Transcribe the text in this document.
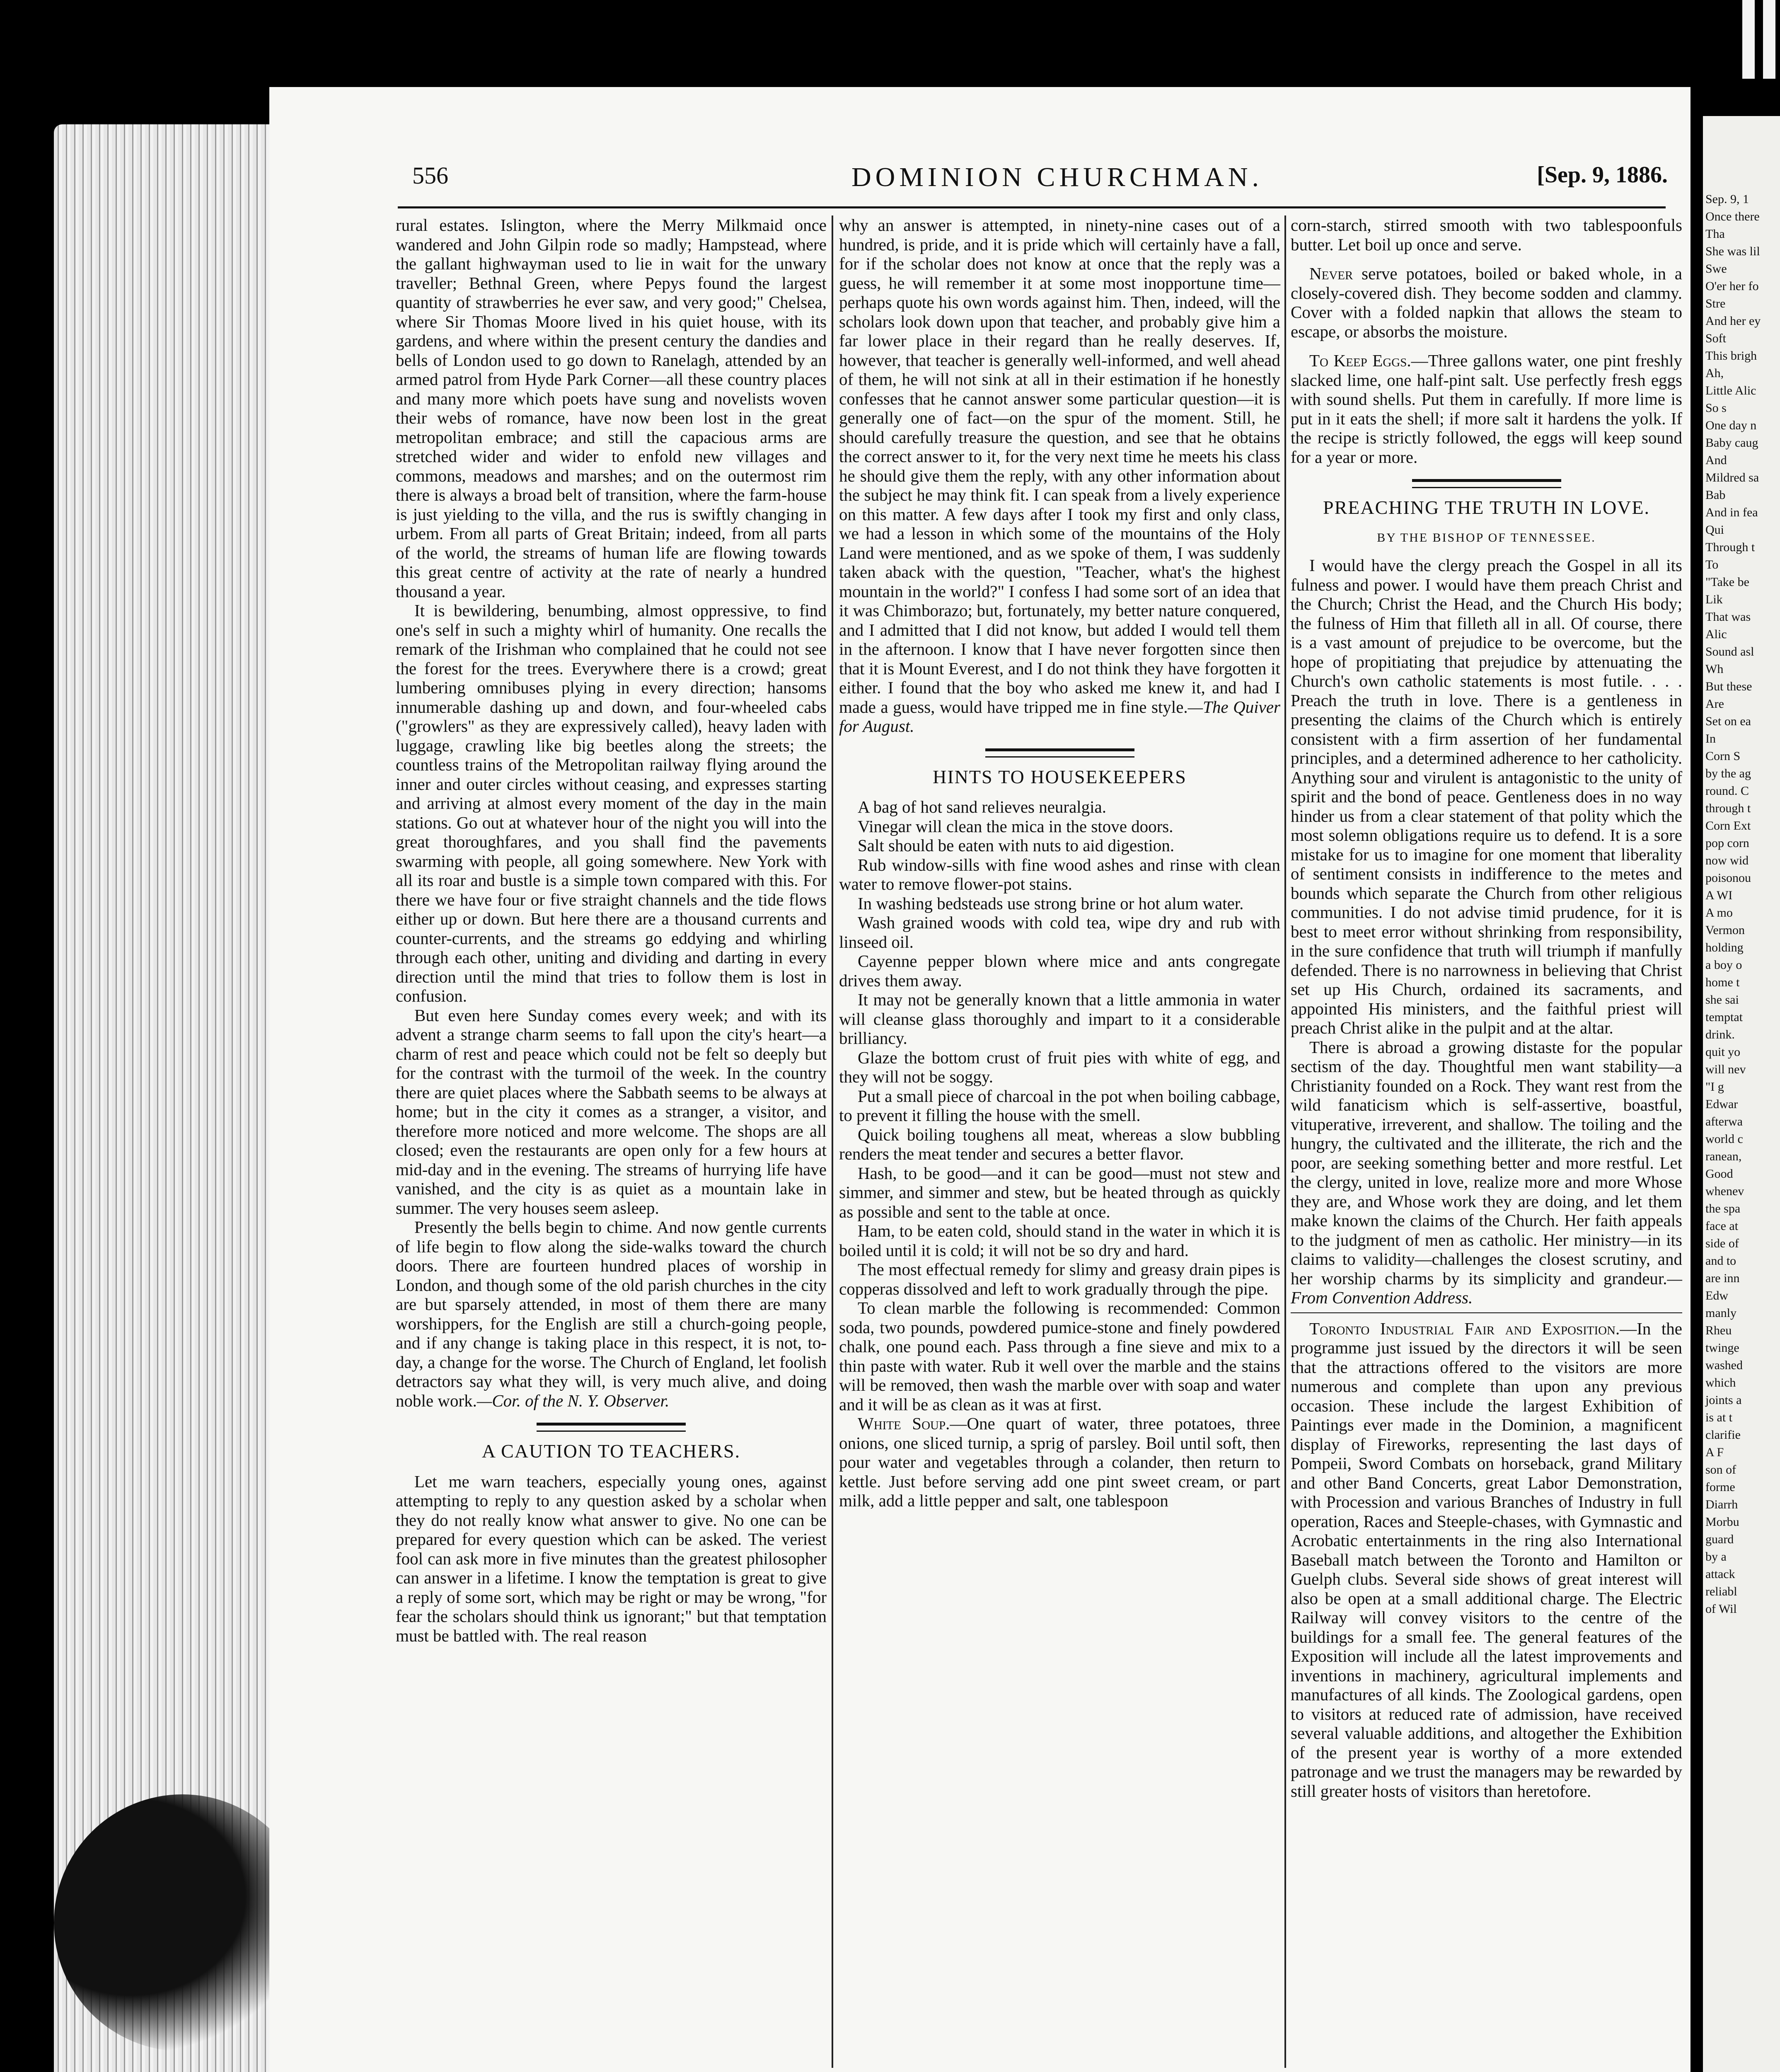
Sep. 9, 1
Once there
Tha
She was lil
Swe
O'er her fo
Stre
And her ey
Soft
This brigh
Ah,
Little Alic
So s
One day n
Baby caug
And
Mildred sa
Bab
And in fea
Qui
Through t
To
"Take be
Lik
That was
Alic
Sound asl
Wh
But these
Are
Set on ea
In
Corn S
by the ag
round. C
through t
Corn Ext
pop corn
now wid
poisonou
A WI
A mo
Vermon
holding
a boy o
home t
she sai
temptat
drink.
quit yo
will nev
"I g
Edwar
afterwa
world c
ranean,
Good
whenev
the spa
face at
side of
and to
are inn
Edw
manly
Rheu
twinge
washed
which
joints a
is at t
clarifie
A F
son of
forme
Diarrh
Morbu
guard
by a
attack
reliabl
of Wil
556	DOMINION CHURCHMAN.	[Sep. 9, 1886.

rural estates. Islington, where the Merry Milkmaid once wandered and John Gilpin rode so madly; Hampstead, where the gallant highwayman used to lie in wait for the unwary traveller; Bethnal Green, where Pepys found the largest quantity of strawberries he ever saw, and very good;" Chelsea, where Sir Thomas Moore lived in his quiet house, with its gardens, and where within the present century the dandies and bells of London used to go down to Ranelagh, attended by an armed patrol from Hyde Park Corner—all these country places and many more which poets have sung and novelists woven their webs of romance, have now been lost in the great metropolitan embrace; and still the capacious arms are stretched wider and wider to enfold new villages and commons, meadows and marshes; and on the outermost rim there is always a broad belt of transition, where the farm-house is just yielding to the villa, and the rus is swiftly changing in urbem. From all parts of Great Britain; indeed, from all parts of the world, the streams of human life are flowing towards this great centre of activity at the rate of nearly a hundred thousand a year.

It is bewildering, benumbing, almost oppressive, to find one's self in such a mighty whirl of humanity. One recalls the remark of the Irishman who complained that he could not see the forest for the trees. Everywhere there is a crowd; great lumbering omnibuses plying in every direction; hansoms innumerable dashing up and down, and four-wheeled cabs ("growlers" as they are expressively called), heavy laden with luggage, crawling like big beetles along the streets; the countless trains of the Metropolitan railway flying around the inner and outer circles without ceasing, and expresses starting and arriving at almost every moment of the day in the main stations. Go out at whatever hour of the night you will into the great thoroughfares, and you shall find the pavements swarming with people, all going somewhere. New York with all its roar and bustle is a simple town compared with this. For there we have four or five straight channels and the tide flows either up or down. But here there are a thousand currents and counter-currents, and the streams go eddying and whirling through each other, uniting and dividing and darting in every direction until the mind that tries to follow them is lost in confusion.

But even here Sunday comes every week; and with its advent a strange charm seems to fall upon the city's heart—a charm of rest and peace which could not be felt so deeply but for the contrast with the turmoil of the week. In the country there are quiet places where the Sabbath seems to be always at home; but in the city it comes as a stranger, a visitor, and therefore more noticed and more welcome. The shops are all closed; even the restaurants are open only for a few hours at mid-day and in the evening. The streams of hurrying life have vanished, and the city is as quiet as a mountain lake in summer. The very houses seem asleep.

Presently the bells begin to chime. And now gentle currents of life begin to flow along the side-walks toward the church doors. There are fourteen hundred places of worship in London, and though some of the old parish churches in the city are but sparsely attended, in most of them there are many worshippers, for the English are still a church-going people, and if any change is taking place in this respect, it is not, to-day, a change for the worse. The Church of England, let foolish detractors say what they will, is very much alive, and doing noble work.—Cor. of the N. Y. Observer.

A CAUTION TO TEACHERS.

Let me warn teachers, especially young ones, against attempting to reply to any question asked by a scholar when they do not really know what answer to give. No one can be prepared for every question which can be asked. The veriest fool can ask more in five minutes than the greatest philosopher can answer in a lifetime. I know the temptation is great to give a reply of some sort, which may be right or may be wrong, "for fear the scholars should think us ignorant;" but that temptation must be battled with. The real reason

why an answer is attempted, in ninety-nine cases out of a hundred, is pride, and it is pride which will certainly have a fall, for if the scholar does not know at once that the reply was a guess, he will remember it at some most inopportune time—perhaps quote his own words against him. Then, indeed, will the scholars look down upon that teacher, and probably give him a far lower place in their regard than he really deserves. If, however, that teacher is generally well-informed, and well ahead of them, he will not sink at all in their estimation if he honestly confesses that he cannot answer some particular question—it is generally one of fact—on the spur of the moment. Still, he should carefully treasure the question, and see that he obtains the correct answer to it, for the very next time he meets his class he should give them the reply, with any other information about the subject he may think fit. I can speak from a lively experience on this matter. A few days after I took my first and only class, we had a lesson in which some of the mountains of the Holy Land were mentioned, and as we spoke of them, I was suddenly taken aback with the question, "Teacher, what's the highest mountain in the world?" I confess I had some sort of an idea that it was Chimborazo; but, fortunately, my better nature conquered, and I admitted that I did not know, but added I would tell them in the afternoon. I know that I have never forgotten since then that it is Mount Everest, and I do not think they have forgotten it either. I found that the boy who asked me knew it, and had I made a guess, would have tripped me in fine style.—The Quiver for August.

HINTS TO HOUSEKEEPERS

A bag of hot sand relieves neuralgia.

Vinegar will clean the mica in the stove doors.

Salt should be eaten with nuts to aid digestion.

Rub window-sills with fine wood ashes and rinse with clean water to remove flower-pot stains.

In washing bedsteads use strong brine or hot alum water.

Wash grained woods with cold tea, wipe dry and rub with linseed oil.

Cayenne pepper blown where mice and ants congregate drives them away.

It may not be generally known that a little ammonia in water will cleanse glass thoroughly and impart to it a considerable brilliancy.

Glaze the bottom crust of fruit pies with white of egg, and they will not be soggy.

Put a small piece of charcoal in the pot when boiling cabbage, to prevent it filling the house with the smell.

Quick boiling toughens all meat, whereas a slow bubbling renders the meat tender and secures a better flavor.

Hash, to be good—and it can be good—must not stew and simmer, and simmer and stew, but be heated through as quickly as possible and sent to the table at once.

Ham, to be eaten cold, should stand in the water in which it is boiled until it is cold; it will not be so dry and hard.

The most effectual remedy for slimy and greasy drain pipes is copperas dissolved and left to work gradually through the pipe.

To clean marble the following is recommended: Common soda, two pounds, powdered pumice-stone and finely powdered chalk, one pound each. Pass through a fine sieve and mix to a thin paste with water. Rub it well over the marble and the stains will be removed, then wash the marble over with soap and water and it will be as clean as it was at first.

White Soup.—One quart of water, three potatoes, three onions, one sliced turnip, a sprig of parsley. Boil until soft, then pour water and vegetables through a colander, then return to kettle. Just before serving add one pint sweet cream, or part milk, add a little pepper and salt, one tablespoon

corn-starch, stirred smooth with two tablespoonfuls butter. Let boil up once and serve.

Never serve potatoes, boiled or baked whole, in a closely-covered dish. They become sodden and clammy. Cover with a folded napkin that allows the steam to escape, or absorbs the moisture.

To Keep Eggs.—Three gallons water, one pint freshly slacked lime, one half-pint salt. Use perfectly fresh eggs with sound shells. Put them in carefully. If more lime is put in it eats the shell; if more salt it hardens the yolk. If the recipe is strictly followed, the eggs will keep sound for a year or more.

PREACHING THE TRUTH IN LOVE.
BY THE BISHOP OF TENNESSEE.

I would have the clergy preach the Gospel in all its fulness and power. I would have them preach Christ and the Church; Christ the Head, and the Church His body; the fulness of Him that filleth all in all. Of course, there is a vast amount of prejudice to be overcome, but the hope of propitiating that prejudice by attenuating the Church's own catholic statements is most futile. . . . Preach the truth in love. There is a gentleness in presenting the claims of the Church which is entirely consistent with a firm assertion of her fundamental principles, and a determined adherence to her catholicity. Anything sour and virulent is antagonistic to the unity of spirit and the bond of peace. Gentleness does in no way hinder us from a clear statement of that polity which the most solemn obligations require us to defend. It is a sore mistake for us to imagine for one moment that liberality of sentiment consists in indifference to the metes and bounds which separate the Church from other religious communities. I do not advise timid prudence, for it is best to meet error without shrinking from responsibility, in the sure confidence that truth will triumph if manfully defended. There is no narrowness in believing that Christ set up His Church, ordained its sacraments, and appointed His ministers, and the faithful priest will preach Christ alike in the pulpit and at the altar.

There is abroad a growing distaste for the popular sectism of the day. Thoughtful men want stability—a Christianity founded on a Rock. They want rest from the wild fanaticism which is self-assertive, boastful, vituperative, irreverent, and shallow. The toiling and the hungry, the cultivated and the illiterate, the rich and the poor, are seeking something better and more restful. Let the clergy, united in love, realize more and more Whose they are, and Whose work they are doing, and let them make known the claims of the Church. Her faith appeals to the judgment of men as catholic. Her ministry—in its claims to validity—challenges the closest scrutiny, and her worship charms by its simplicity and grandeur.—From Convention Address.

Toronto Industrial Fair and Exposition.—In the programme just issued by the directors it will be seen that the attractions offered to the visitors are more numerous and complete than upon any previous occasion. These include the largest Exhibition of Paintings ever made in the Dominion, a magnificent display of Fireworks, representing the last days of Pompeii, Sword Combats on horseback, grand Military and other Band Concerts, great Labor Demonstration, with Procession and various Branches of Industry in full operation, Races and Steeple-chases, with Gymnastic and Acrobatic entertainments in the ring also International Baseball match between the Toronto and Hamilton or Guelph clubs. Several side shows of great interest will also be open at a small additional charge. The Electric Railway will convey visitors to the centre of the buildings for a small fee. The general features of the Exposition will include all the latest improvements and inventions in machinery, agricultural implements and manufactures of all kinds. The Zoological gardens, open to visitors at reduced rate of admission, have received several valuable additions, and altogether the Exhibition of the present year is worthy of a more extended patronage and we trust the managers may be rewarded by still greater hosts of visitors than heretofore.
